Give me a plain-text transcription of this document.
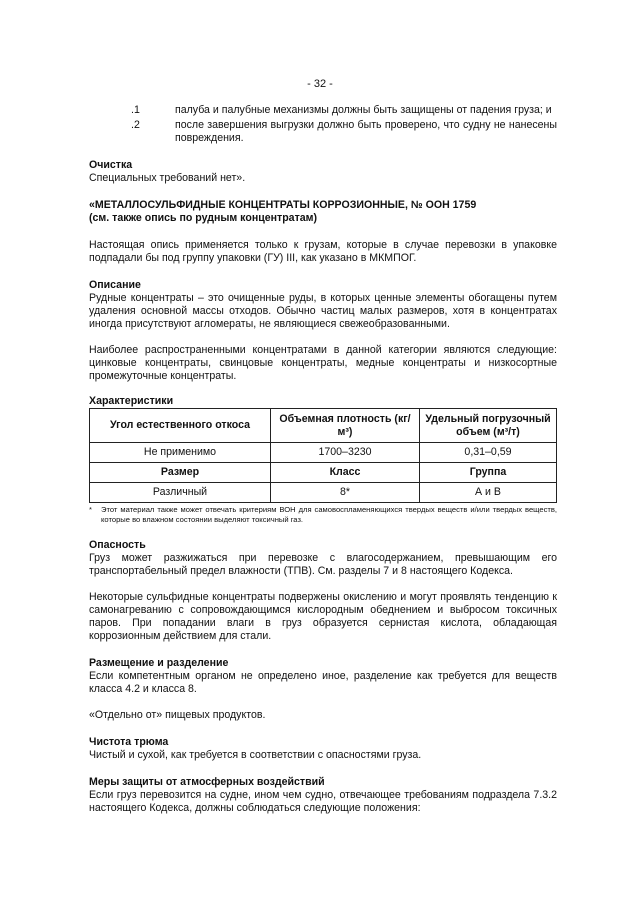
- 32 -
.1	палуба и палубные механизмы должны быть защищены от падения груза; и
.2	после завершения выгрузки должно быть проверено, что судну не нанесены повреждения.
Очистка

Специальных требований нет».

«МЕТАЛЛОСУЛЬФИДНЫЕ КОНЦЕНТРАТЫ КОРРОЗИОННЫЕ, № ООН 1759
(см. также опись по рудным концентратам)

Настоящая опись применяется только к грузам, которые в случае перевозки в упаковке подпадали бы под группу упаковки (ГУ) III, как указано в МКМПОГ.

Описание

Рудные концентраты – это очищенные руды, в которых ценные элементы обогащены путем удаления основной массы отходов. Обычно частиц малых размеров, хотя в концентратах иногда присутствуют агломераты, не являющиеся свежеобразованными.

Наиболее распространенными концентратами в данной категории являются следующие: цинковые концентраты, свинцовые концентраты, медные концентраты и низкосортные промежуточные концентраты.

Характеристики
Угол естественного откоса	Объемная плотность (кг/м³)	Удельный погрузочный объем (м³/т)
Не применимо	1700–3230	0,31–0,59
Размер	Класс	Группа
Различный	8*	А и В
* Этот материал также может отвечать критериям ВОН для самовоспламеняющихся твердых веществ и/или твердых веществ, которые во влажном состоянии выделяют токсичный газ.
Опасность

Груз может разжижаться при перевозке с влагосодержанием, превышающим его транспортабельный предел влажности (ТПВ). См. разделы 7 и 8 настоящего Кодекса.

Некоторые сульфидные концентраты подвержены окислению и могут проявлять тенденцию к самонагреванию с сопровождающимся кислородным обеднением и выбросом токсичных паров. При попадании влаги в груз образуется сернистая кислота, обладающая коррозионным действием для стали.

Размещение и разделение

Если компетентным органом не определено иное, разделение как требуется для веществ класса 4.2 и класса 8.

«Отдельно от» пищевых продуктов.

Чистота трюма

Чистый и сухой, как требуется в соответствии с опасностями груза.

Меры защиты от атмосферных воздействий

Если груз перевозится на судне, ином чем судно, отвечающее требованиям подраздела 7.3.2 настоящего Кодекса, должны соблюдаться следующие положения:
